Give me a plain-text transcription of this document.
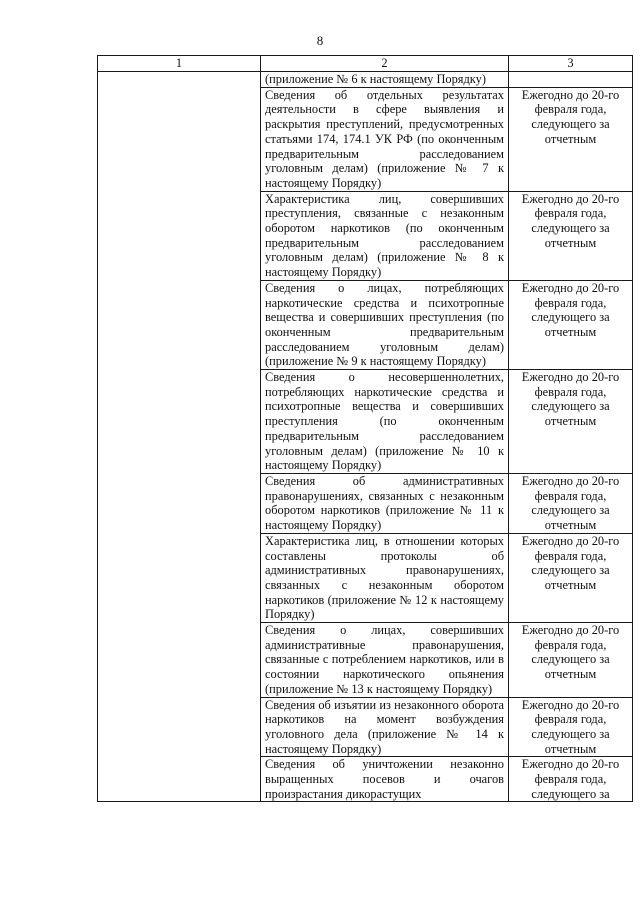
8
1	2	3
	(приложение № 6 к настоящему Порядку)	
	Сведения об отдельных результатах деятельности в сфере выявления и раскрытия преступлений, предусмотренных статьями 174, 174.1 УК РФ (по оконченным предварительным расследованием уголовным делам) (приложение № 7 к настоящему Порядку)	Ежегодно до 20-го февраля года, следующего за отчетным
	Характеристика лиц, совершивших преступления, связанные с незаконным оборотом наркотиков (по оконченным предварительным расследованием уголовным делам) (приложение № 8 к настоящему Порядку)	Ежегодно до 20-го февраля года, следующего за отчетным
	Сведения о лицах, потребляющих наркотические средства и психотропные вещества и совершивших преступления (по оконченным предварительным расследованием уголовным делам) (приложение № 9 к настоящему Порядку)	Ежегодно до 20-го февраля года, следующего за отчетным
	Сведения о несовершеннолетних, потребляющих наркотические средства и психотропные вещества и совершивших преступления (по оконченным предварительным расследованием уголовным делам) (приложение № 10 к настоящему Порядку)	Ежегодно до 20-го февраля года, следующего за отчетным
	Сведения об административных правонарушениях, связанных с незаконным оборотом наркотиков (приложение № 11 к настоящему Порядку)	Ежегодно до 20-го февраля года, следующего за отчетным
	Характеристика лиц, в отношении которых составлены протоколы об административных правонарушениях, связанных с незаконным оборотом наркотиков (приложение № 12 к настоящему Порядку)	Ежегодно до 20-го февраля года, следующего за отчетным
	Сведения о лицах, совершивших административные правонарушения, связанные с потреблением наркотиков, или в состоянии наркотического опьянения (приложение № 13 к настоящему Порядку)	Ежегодно до 20-го февраля года, следующего за отчетным
	Сведения об изъятии из незаконного оборота наркотиков на момент возбуждения уголовного дела (приложение № 14 к настоящему Порядку)	Ежегодно до 20-го февраля года, следующего за отчетным
	Сведения об уничтожении незаконно выращенных посевов и очагов произрастания дикорастущих	Ежегодно до 20-го февраля года, следующего за
